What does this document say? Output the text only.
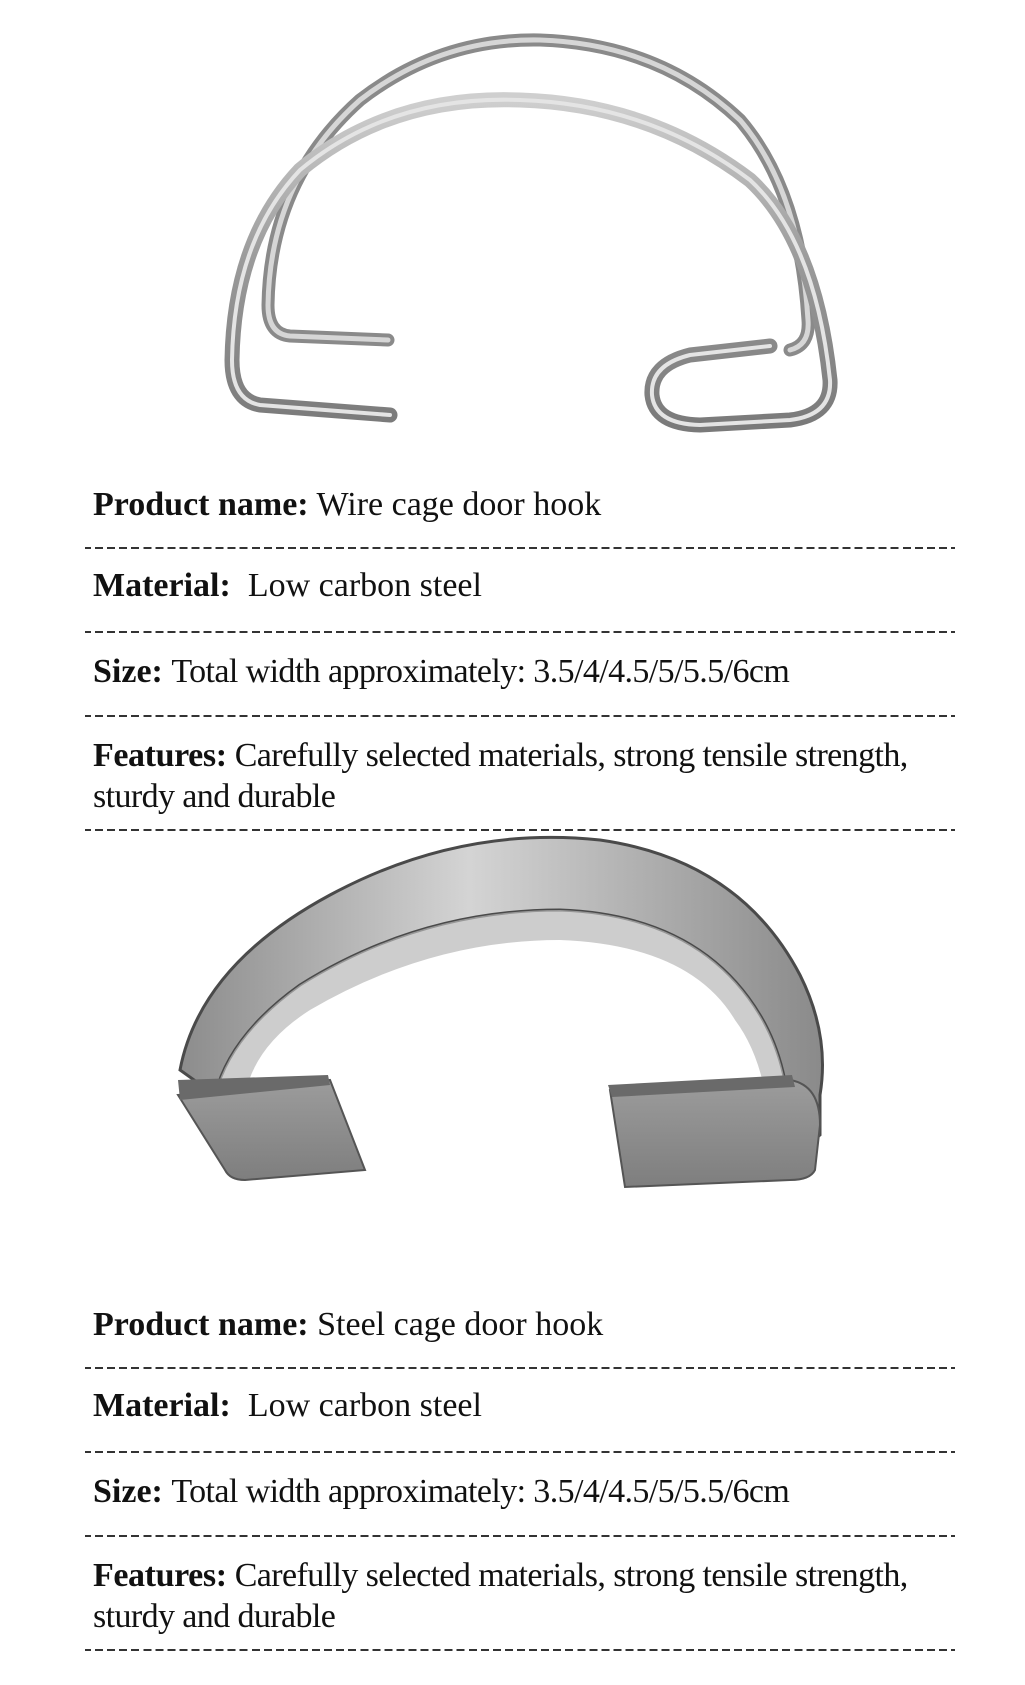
Product name: Wire cage door hook
Material: Low carbon steel
Size: Total width approximately: 3.5/4/4.5/5/5.5/6cm
Features: Carefully selected materials, strong tensile strength, sturdy and durable
Product name: Steel cage door hook
Material: Low carbon steel
Size: Total width approximately: 3.5/4/4.5/5/5.5/6cm
Features: Carefully selected materials, strong tensile strength, sturdy and durable
